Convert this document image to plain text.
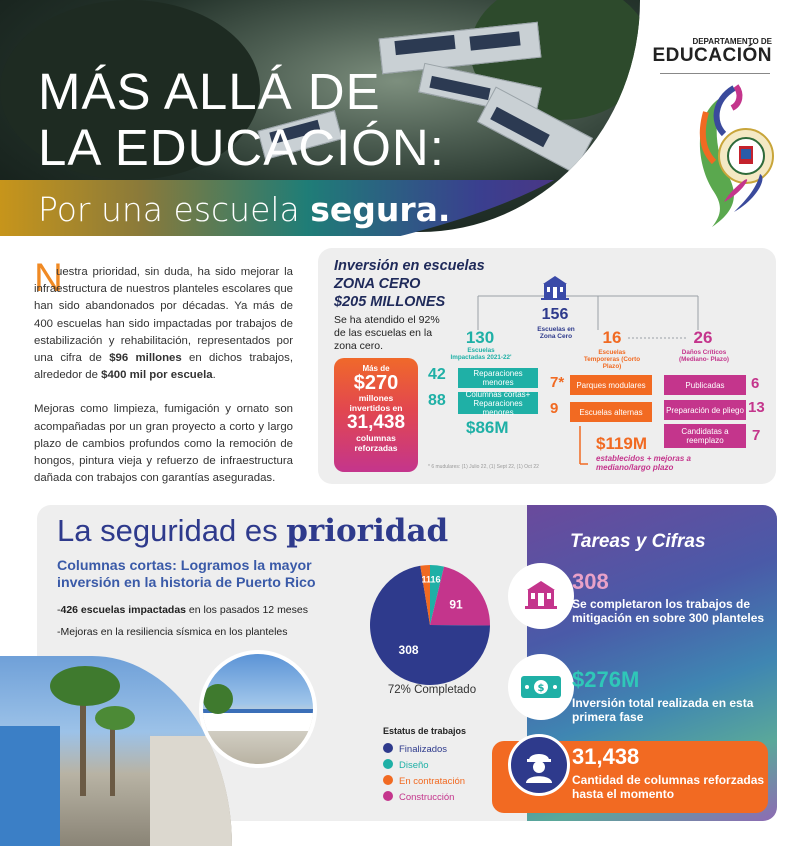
MÁS ALLÁ DE
LA EDUCACIÓN:
Por una escuela segura.
DEPARTAMENTO DE
EDUCACIÓN
N

uestra prioridad, sin duda, ha sido mejorar la infraestructura de nuestros planteles escolares que han sido abandonados por décadas. Ya más de 400 escuelas han sido impactadas por trabajos de estabilización y rehabilitación, representados por una cifra de $96 millones en dichos trabajos, alrededor de $400 mil por escuela.

Mejoras como limpieza, fumigación y ornato son acompañadas por un gran proyecto a corto y largo plazo de cambios profundos como la remoción de hongos, pintura vieja y refuerzo de infraestructura dañada con trabajos con garantías aseguradas.

Inversión en escuelas
ZONA CERO
$205 MILLONES
Se ha atendido el 92% de las escuelas en la zona cero.
156
Escuelas en Zona Cero
130
Escuelas Impactadas 2021-22'
16
Escuelas Temporeras (Corto Plazo)
26
Daños Críticos (Mediano- Plazo)
Más de
$270
millones invertidos en
31,438
columnas reforzadas
42	Reparaciones menores
88	Columnas cortas+ Reparaciones menores
$86M
7*	Parques modulares
9	Escuelas alternas
$119M
establecidos + mejoras a mediano/largo plazo
Publicadas	6
Preparación de pliego 13
Candidatas a reemplazo	7
* 6 mudulares: (1) Julio 22, (1) Sept 22, (1) Oct 22
La seguridad es prioridad
Columnas cortas: Logramos la mayor inversión en la historia de Puerto Rico
-426 escuelas impactadas en los pasados 12 meses
-Mejoras en la resiliencia sísmica en los planteles
16
91
308
11
72% Completado
Estatus de trabajos
Finalizados
Diseño
En contratación
Construcción
Tareas y Cifras
308
Se completaron los trabajos de mitigación en sobre 300 planteles
$ $276M
Inversión total realizada en esta primera fase
31,438
Cantidad de columnas reforzadas hasta el momento
